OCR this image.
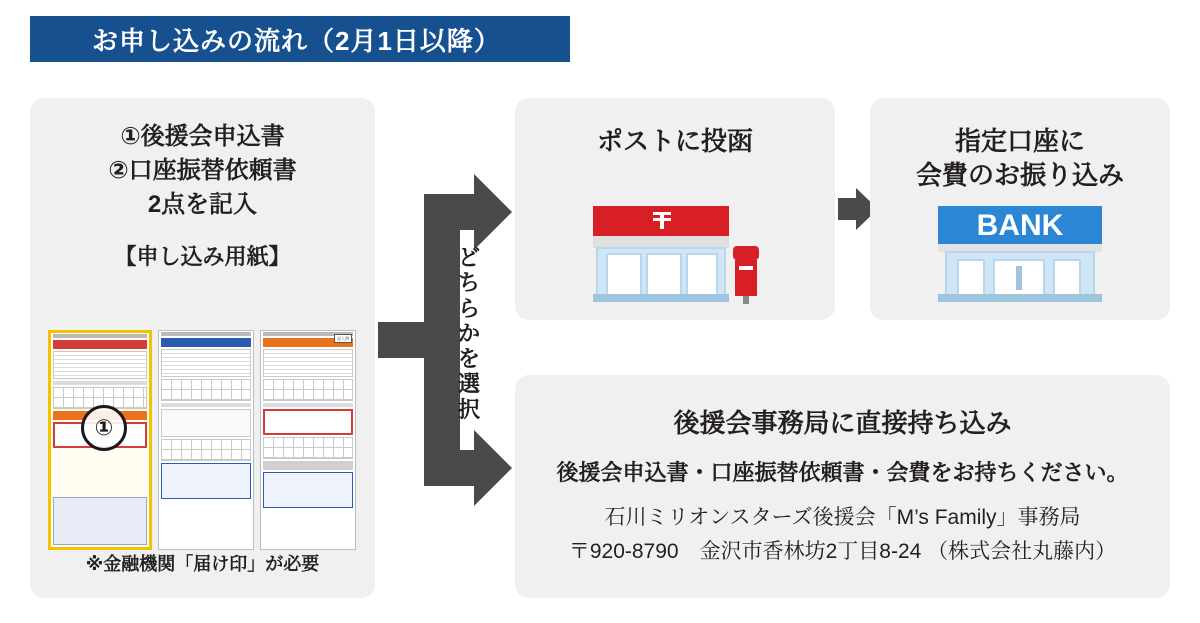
お申し込みの流れ（2月1日以降）
①後援会申込書
②口座振替依頼書
2点を記入
【申し込み用紙】
①
記入例
※金融機関「届け印」が必要
どちらかを選択
ポストに投函	指定口座に
会費のお振り込み
BANK
後援会事務局に直接持ち込み
後援会申込書・口座振替依頼書・会費をお持ちください。
石川ミリオンスターズ後援会「M’s Family」事務局
〒920-8790　金沢市香林坊2丁目8-24 （株式会社丸藤内）
